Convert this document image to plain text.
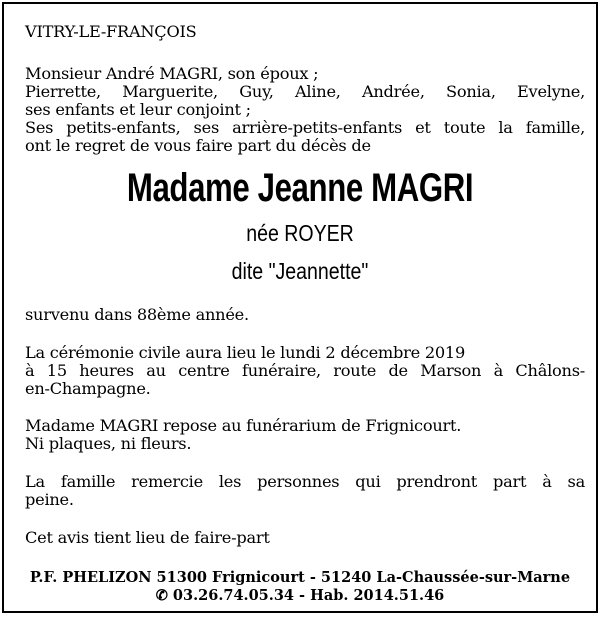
VITRY-LE-FRANÇOIS
Monsieur André MAGRI, son époux ;
Pierrette, Marguerite, Guy, Aline, Andrée, Sonia, Evelyne,
ses enfants et leur conjoint ;
Ses petits-enfants, ses arrière-petits-enfants et toute la famille,
ont le regret de vous faire part du décès de
Madame Jeanne MAGRI
née ROYER
dite "Jeannette"
survenu dans 88ème année.
La cérémonie civile aura lieu le lundi 2 décembre 2019
à 15 heures au centre funéraire, route de Marson à Châlons-
en-Champagne.
Madame MAGRI repose au funérarium de Frignicourt.
Ni plaques, ni fleurs.
La famille remercie les personnes qui prendront part à sa
peine.
Cet avis tient lieu de faire-part
P.F. PHELIZON 51300 Frignicourt - 51240 La-Chaussée-sur-Marne
✆ 03.26.74.05.34 - Hab. 2014.51.46
